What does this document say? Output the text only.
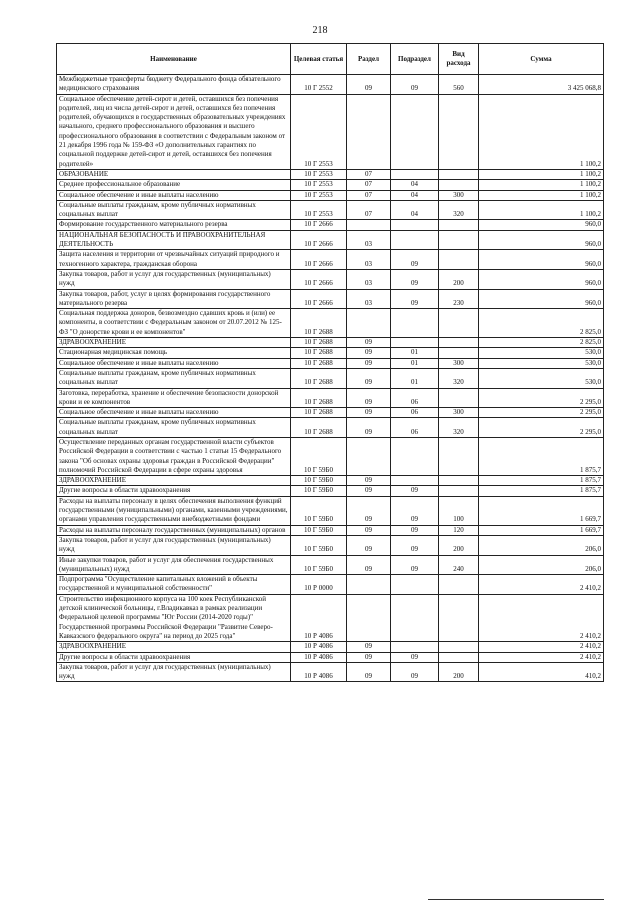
218
Наименование	Целевая статья	Раздел	Подраздел	Вид расхода	Сумма
Межбюджетные трансферты бюджету Федерального фонда обязательного медицинского страхования	10 Г 2552	09	09	560	3 425 068,8
Социальное обеспечение детей-сирот и детей, оставшихся без попечения родителей, лиц из числа детей-сирот и детей, оставшихся без попечения родителей, обучающихся в государственных образовательных учреждениях начального, среднего профессионального образования и высшего профессионального образования в соответствии с Федеральным законом от 21 декабря 1996 года № 159-ФЗ «О дополнительных гарантиях по социальной поддержке детей-сирот и детей, оставшихся без попечения родителей»	10 Г 2553				1 100,2
ОБРАЗОВАНИЕ	10 Г 2553	07			1 100,2
Среднее профессиональное образование	10 Г 2553	07	04		1 100,2
Социальное обеспечение и иные выплаты населению	10 Г 2553	07	04	300	1 100,2
Социальные выплаты гражданам, кроме публичных нормативных социальных выплат	10 Г 2553	07	04	320	1 100,2
Формирование государственного материального резерва	10 Г 2666				960,0
НАЦИОНАЛЬНАЯ БЕЗОПАСНОСТЬ И ПРАВООХРАНИТЕЛЬНАЯ ДЕЯТЕЛЬНОСТЬ	10 Г 2666	03			960,0
Защита населения и территории от чрезвычайных ситуаций природного и техногенного характера, гражданская оборона	10 Г 2666	03	09		960,0
Закупка товаров, работ и услуг для государственных (муниципальных) нужд	10 Г 2666	03	09	200	960,0
Закупка товаров, работ, услуг в целях формирования государственного материального резерва	10 Г 2666	03	09	230	960,0
Социальная поддержка доноров, безвозмездно сдавших кровь и (или) ее компоненты, в соответствии с Федеральным законом от 20.07.2012 № 125-ФЗ "О донорстве крови и ее компонентов"	10 Г 2688				2 825,0
ЗДРАВООХРАНЕНИЕ	10 Г 2688	09			2 825,0
Стационарная медицинская помощь	10 Г 2688	09	01		530,0
Социальное обеспечение и иные выплаты населению	10 Г 2688	09	01	300	530,0
Социальные выплаты гражданам, кроме публичных нормативных социальных выплат	10 Г 2688	09	01	320	530,0
Заготовка, переработка, хранение и обеспечение безопасности донорской крови и ее компонентов	10 Г 2688	09	06		2 295,0
Социальное обеспечение и иные выплаты населению	10 Г 2688	09	06	300	2 295,0
Социальные выплаты гражданам, кроме публичных нормативных социальных выплат	10 Г 2688	09	06	320	2 295,0
Осуществление переданных органам государственной власти субъектов Российской Федерации в соответствии с частью 1 статьи 15 Федерального закона "Об основах охраны здоровья граждан в Российской Федерации" полномочий Российской Федерации в сфере охраны здоровья	10 Г 59Б0				1 875,7
ЗДРАВООХРАНЕНИЕ	10 Г 59Б0	09			1 875,7
Другие вопросы в области здравоохранения	10 Г 59Б0	09	09		1 875,7
Расходы на выплаты персоналу в целях обеспечения выполнения функций государственными (муниципальными) органами, казенными учреждениями, органами управления государственными внебюджетными фондами	10 Г 59Б0	09	09	100	1 669,7
Расходы на выплаты персоналу государственных (муниципальных) органов	10 Г 59Б0	09	09	120	1 669,7
Закупка товаров, работ и услуг для государственных (муниципальных) нужд	10 Г 59Б0	09	09	200	206,0
Иные закупки товаров, работ и услуг для обеспечения государственных (муниципальных) нужд	10 Г 59Б0	09	09	240	206,0
Подпрограмма "Осуществление капитальных вложений в объекты государственной и муниципальной собственности"	10 Р 0000				2 410,2
Строительство инфекционного корпуса на 100 коек Республиканской детской клинической больницы, г.Владикавказ в рамках реализации Федеральной целевой программы "Юг России (2014-2020 годы)" Государственной программы Российской Федерации "Развитие Северо-Кавказского федерального округа" на период до 2025 года"	10 Р 4086				2 410,2
ЗДРАВООХРАНЕНИЕ	10 Р 4086	09			2 410,2
Другие вопросы в области здравоохранения	10 Р 4086	09	09		2 410,2
Закупка товаров, работ и услуг для государственных (муниципальных) нужд	10 Р 4086	09	09	200	410,2
